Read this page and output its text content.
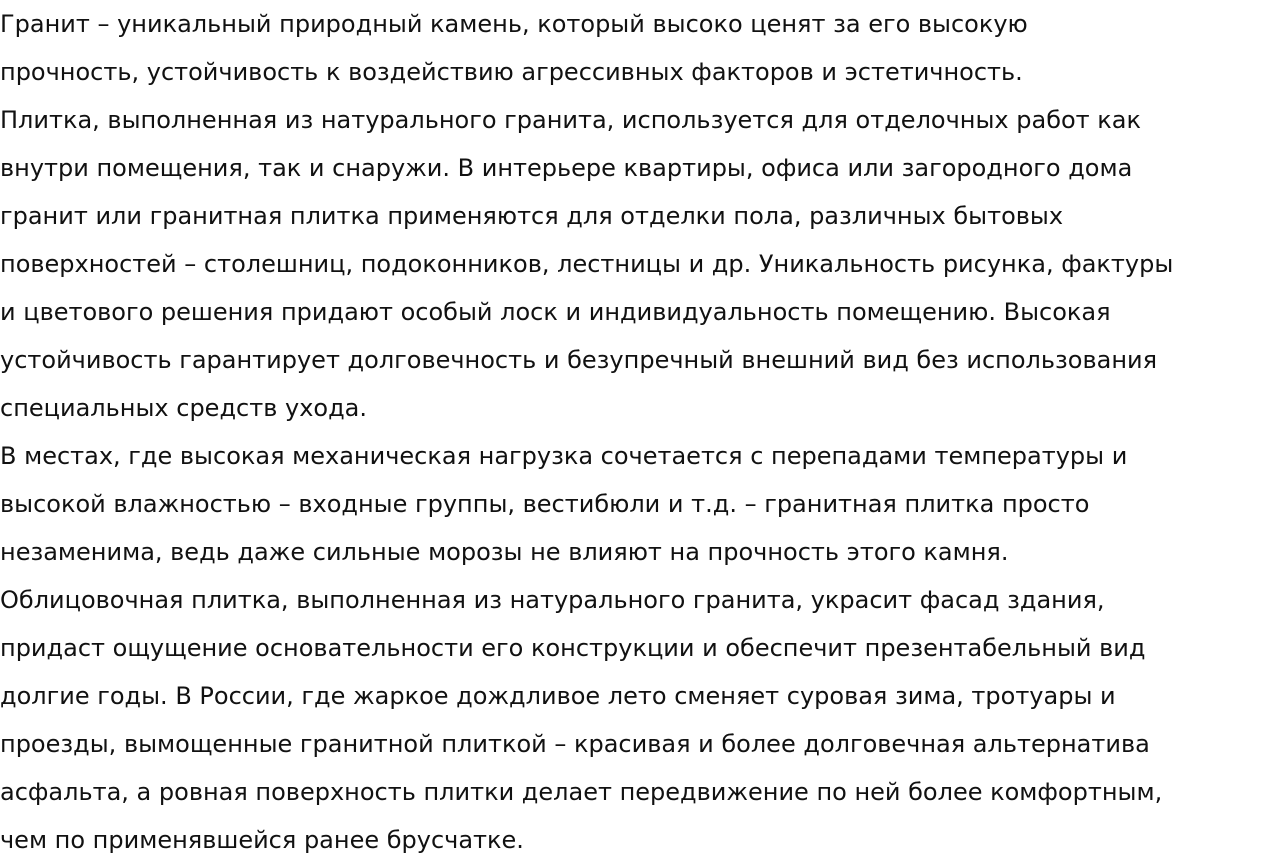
Гранит – уникальный природный камень, который высоко ценят за его высокую
прочность, устойчивость к воздействию агрессивных факторов и эстетичность.

Плитка, выполненная из натурального гранита, используется для отделочных работ как
внутри помещения, так и снаружи. В интерьере квартиры, офиса или загородного дома
гранит или гранитная плитка применяются для отделки пола, различных бытовых
поверхностей – столешниц, подоконников, лестницы и др. Уникальность рисунка, фактуры
и цветового решения придают особый лоск и индивидуальность помещению. Высокая
устойчивость гарантирует долговечность и безупречный внешний вид без использования
специальных средств ухода.

В местах, где высокая механическая нагрузка сочетается с перепадами температуры и
высокой влажностью – входные группы, вестибюли и т.д. – гранитная плитка просто
незаменима, ведь даже сильные морозы не влияют на прочность этого камня.
Облицовочная плитка, выполненная из натурального гранита, украсит фасад здания,
придаст ощущение основательности его конструкции и обеспечит презентабельный вид
долгие годы. В России, где жаркое дождливое лето сменяет суровая зима, тротуары и
проезды, вымощенные гранитной плиткой – красивая и более долговечная альтернатива
асфальта, а ровная поверхность плитки делает передвижение по ней более комфортным,
чем по применявшейся ранее брусчатке.
